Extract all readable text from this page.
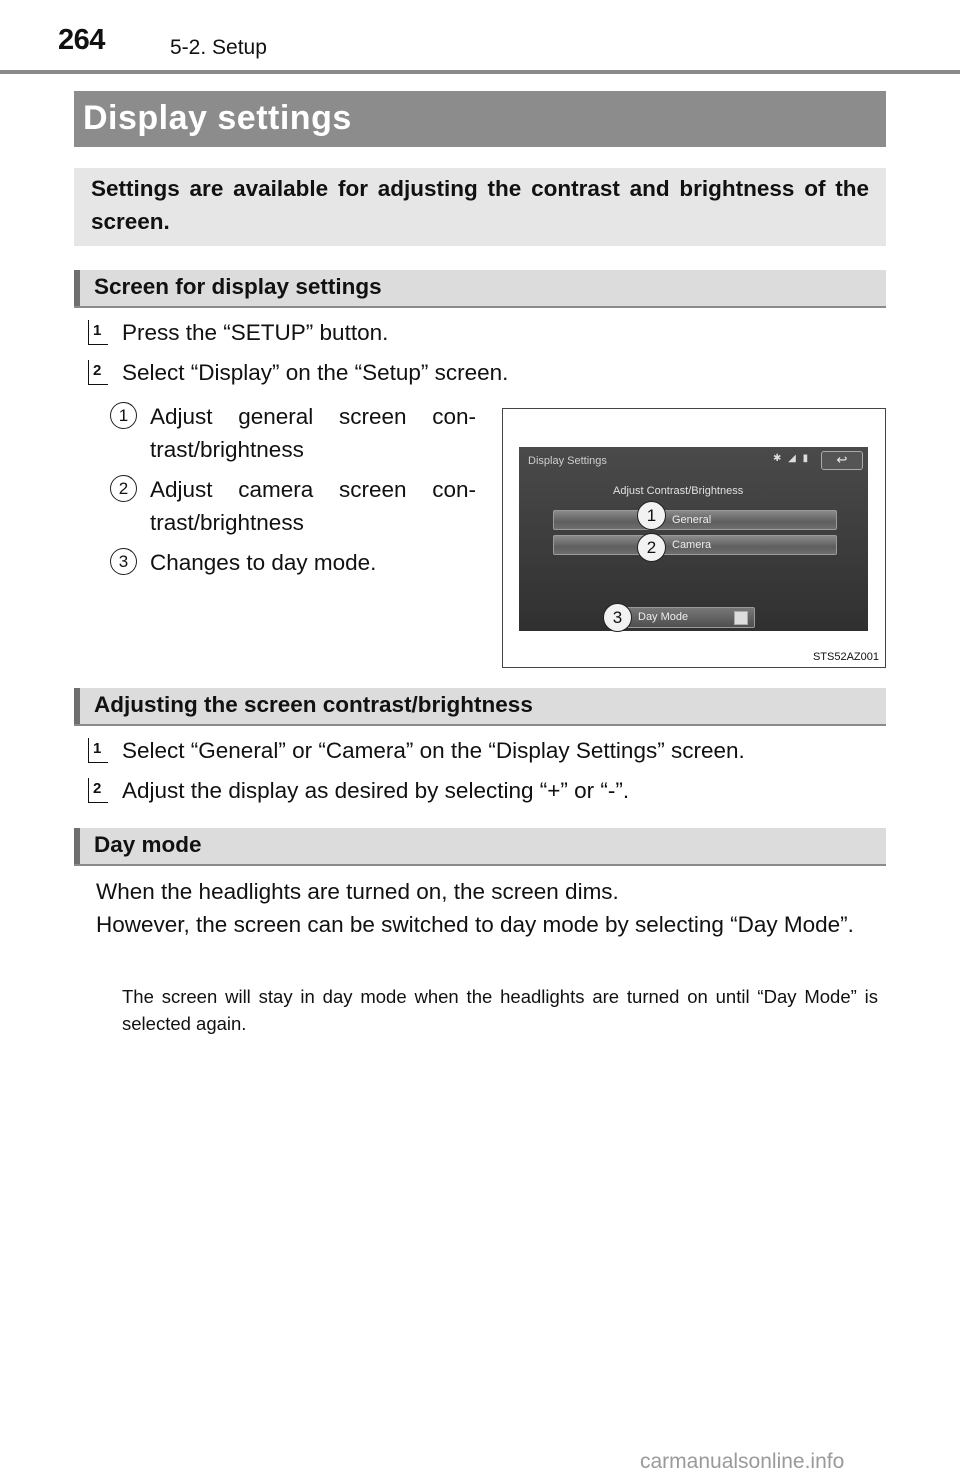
264	5-2. Setup
Display settings

Settings are available for adjusting the contrast and brightness of the screen.

Screen for display settings
1 Press the “SETUP” button.
2 Select “Display” on the “Setup” screen.
1 Adjust general screen con-
trast/brightness
2 Adjust camera screen con-
trast/brightness
3 Changes to day mode.
Display Settings	✱ ◢ ▮	↩
Adjust Contrast/Brightness
General
Camera
Day Mode
1
2
3
STS52AZ001
Adjusting the screen contrast/brightness
1 Select “General” or “Camera” on the “Display Settings” screen.
2 Adjust the display as desired by selecting “+” or “-”.
Day mode
When the headlights are turned on, the screen dims.
However, the screen can be switched to day mode by selecting “Day Mode”.
The screen will stay in day mode when the headlights are turned on until “Day Mode” is selected again.
carmanualsonline.info
